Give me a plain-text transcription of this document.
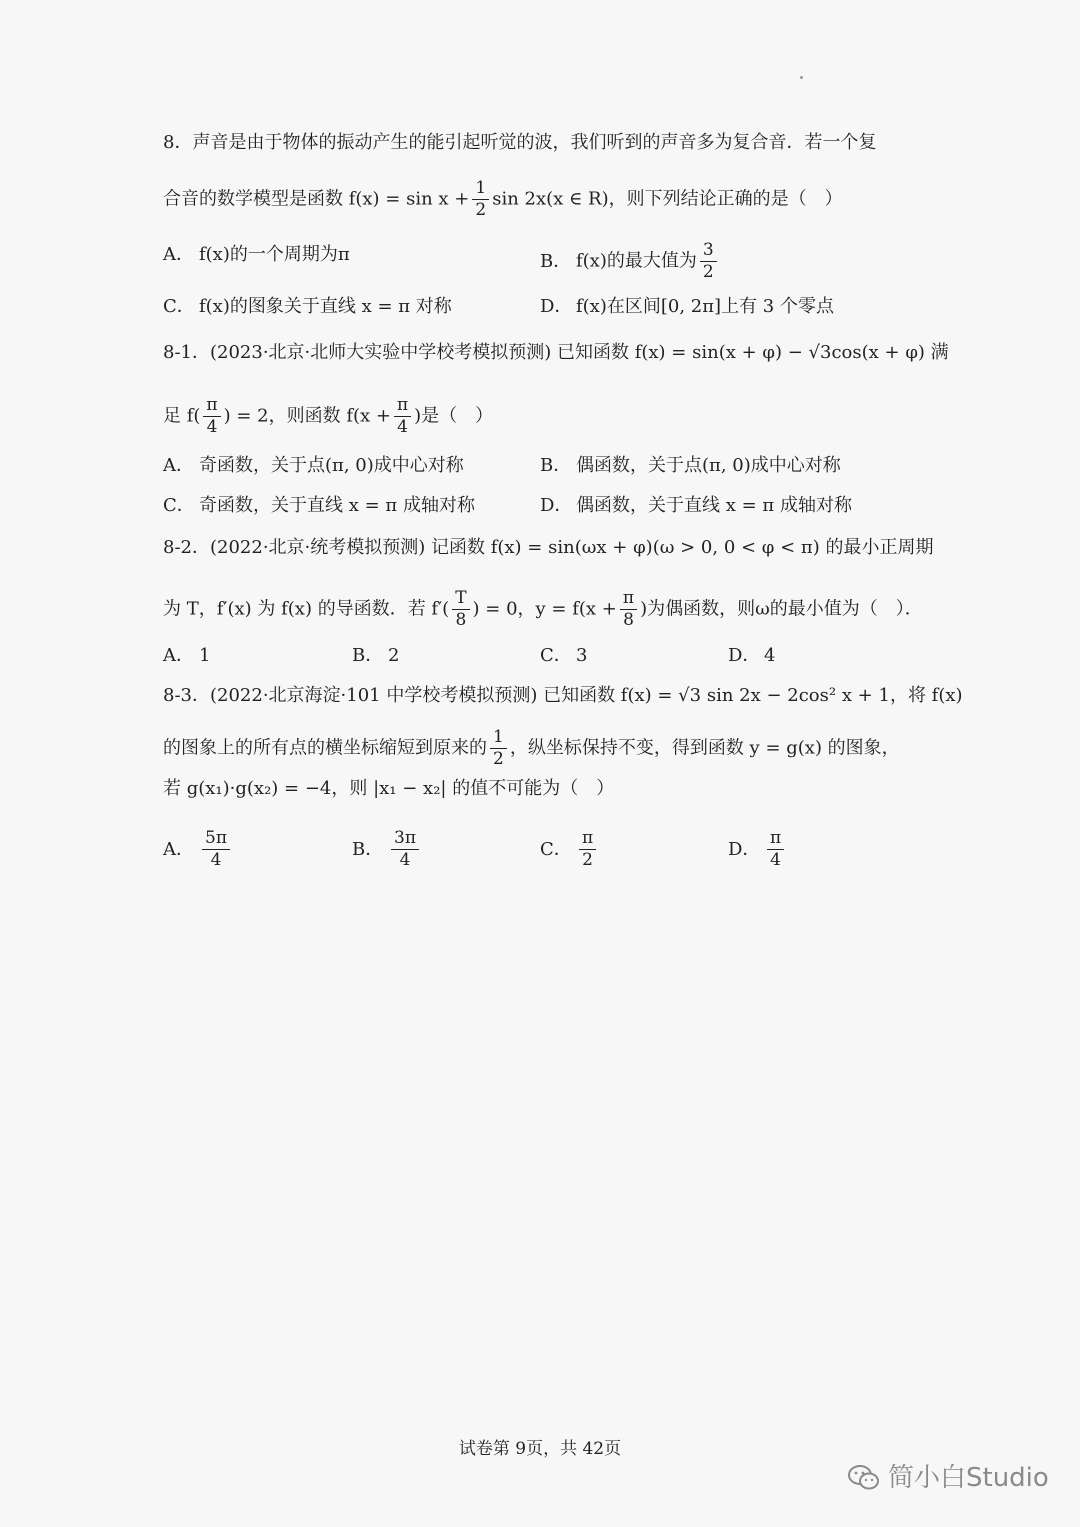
8．声音是由于物体的振动产生的能引起听觉的波，我们听到的声音多为复合音．若一个复
合音的数学模型是函数 $f(x) = \sin x + \frac{1}{2}$ sin 2x(x ∈ R)，则下列结论正确的是（　）
A． f(x)的一个周期为π	B． f(x)的最大值为 $\frac{3}{2}$
C． f(x)的图象关于直线 x = π 对称	D． f(x)在区间[0, 2π]上有 3 个零点
8-1．(2023·北京·北师大实验中学校考模拟预测) 已知函数 f(x) = sin(x + φ) − √3cos(x + φ) 满
足 $f( \frac{\pi}{4}$ ) = 2，则函数 $f(x + \frac{\pi}{4}$ )是（　）
A． 奇函数，关于点(π, 0)成中心对称	B． 偶函数，关于点(π, 0)成中心对称
C． 奇函数，关于直线 x = π 成轴对称	D． 偶函数，关于直线 x = π 成轴对称
8-2．(2022·北京·统考模拟预测) 记函数 f(x) = sin(ωx + φ)(ω > 0, 0 < φ < π) 的最小正周期
为 T，f′(x) 为 f(x) 的导函数．若 $f'( \frac{T}{8}$ ) = 0，$y = f(x + \frac{\pi}{8}$ )为偶函数，则ω的最小值为（　）．
A． 1	B． 2	C． 3	D． 4
8-3．(2022·北京海淀·101 中学校考模拟预测) 已知函数 f(x) = √3 sin 2x − 2cos² x + 1，将 f(x)
的图象上的所有点的横坐标缩短到原来的 $\frac{1}{2}$ ，纵坐标保持不变，得到函数 y = g(x) 的图象，
若 g(x₁)·g(x₂) = −4，则 |x₁ − x₂| 的值不可能为（　）
A． $\frac{5\pi}{4}$	B． $\frac{3\pi}{4}$	C． $\frac{\pi}{2}$	D． $\frac{\pi}{4}$
试卷第 9页，共 42页
简小白Studio
